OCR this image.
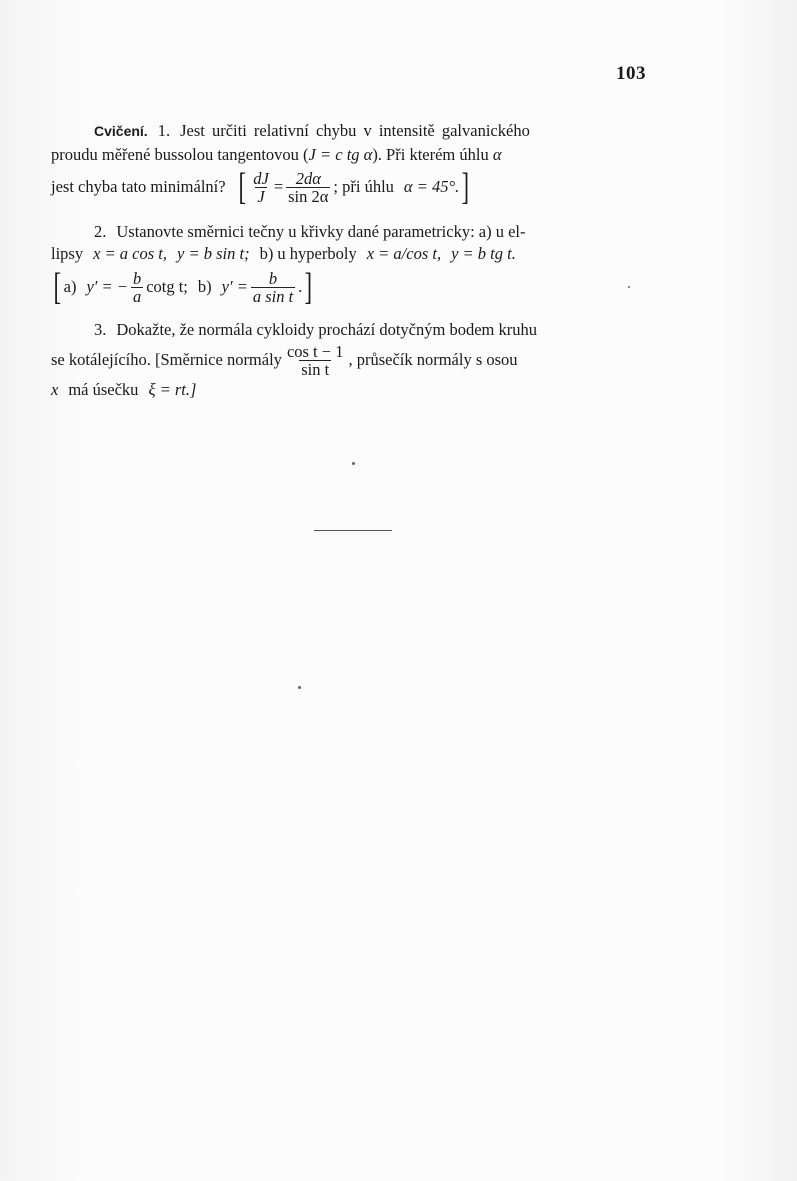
103
Cvičení. 1. Jest určiti relativní chybu v intensitě galvanického
proudu měřené bussolou tangentovou ( J = c tg α ). Při kterém úhlu α
jest chyba tato minimální? [ $\frac{dJ}{J} = \frac{2d\alpha}{\sin 2\alpha}$ ; při úhlu α = 45°. ]
2. Ustanovte směrnici tečny u křivky dané parametricky: a) u el-
lipsy x = a cos t, y = b sin t; b) u hyperboly x = a/cos t, y = b tg t.
[ a) y′ = − $\frac{b}{a}$ cotg t; b) $y' = \frac{b}{\text{a sin t}}$ . ]
3. Dokažte, že normála cykloidy prochází dotyčným bodem kruhu
se kotálejícího. [Směrnice normály $\frac{\text{cos t − 1}}{\text{sin t}}$ , průsečík normály s osou
x má úsečku ξ = rt.]
